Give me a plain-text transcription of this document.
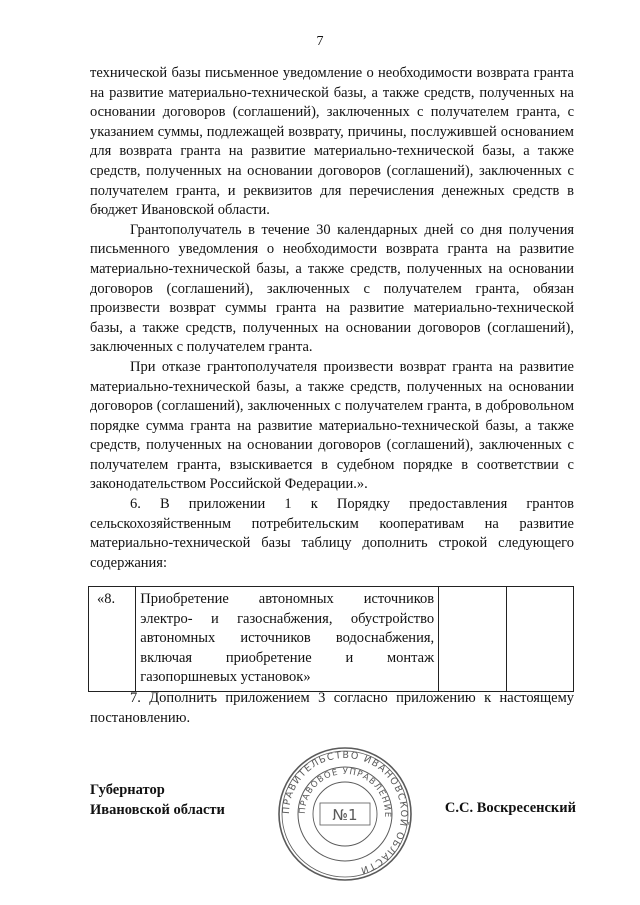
7

технической базы письменное уведомление о необходимости возврата гранта на развитие материально-технической базы, а также средств, полученных на основании договоров (соглашений), заключенных с получателем гранта, с указанием суммы, подлежащей возврату, причины, послужившей основанием для возврата гранта на развитие материально-технической базы, а также средств, полученных на основании договоров (соглашений), заключенных с получателем гранта, и реквизитов для перечисления денежных средств в бюджет Ивановской области.

Грантополучатель в течение 30 календарных дней со дня получения письменного уведомления о необходимости возврата гранта на развитие материально-технической базы, а также средств, полученных на основании договоров (соглашений), заключенных с получателем гранта, обязан произвести возврат суммы гранта на развитие материально-технической базы, а также средств, полученных на основании договоров (соглашений), заключенных с получателем гранта.

При отказе грантополучателя произвести возврат гранта на развитие материально-технической базы, а также средств, полученных на основании договоров (соглашений), заключенных с получателем гранта, в добровольном порядке сумма гранта на развитие материально-технической базы, а также средств, полученных на основании договоров (соглашений), заключенных с получателем гранта, взыскивается в судебном порядке в соответствии с законодательством Российской Федерации.».

6. В приложении 1 к Порядку предоставления грантов сельскохозяйственным потребительским кооперативам на развитие материально-технической базы таблицу дополнить строкой следующего содержания:

«8.	Приобретение автономных источников электро- и газоснабжения, обустройство автономных источников водоснабжения, включая приобретение и монтаж газопоршневых установок»		

7. Дополнить приложением 3 согласно приложению к настоящему постановлению.

Губернатор
Ивановской области	ПРАВИТЕЛЬСТВО ИВАНОВСКОЙ ОБЛАСТИ
ПРАВОВОЕ УПРАВЛЕНИЕ
№1	С.С. Воскресенский
